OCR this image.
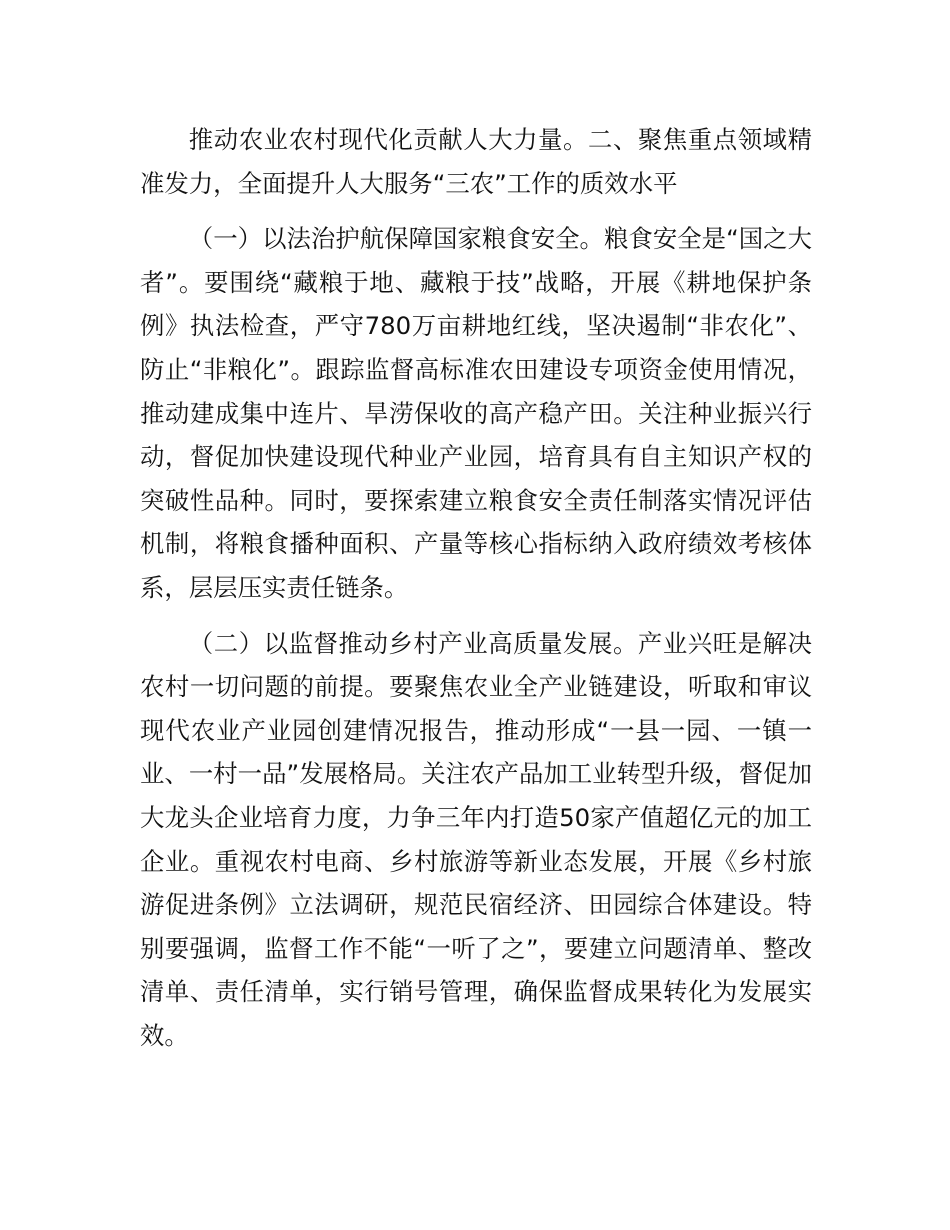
推动农业农村现代化贡献人大力量。二、聚焦重点领域精准发力，全面提升人大服务“三农”工作的质效水平

（一）以法治护航保障国家粮食安全。粮食安全是“国之大者”。要围绕“藏粮于地、藏粮于技”战略，开展《耕地保护条例》执法检查，严守780万亩耕地红线，坚决遏制“非农化”、防止“非粮化”。跟踪监督高标准农田建设专项资金使用情况，推动建成集中连片、旱涝保收的高产稳产田。关注种业振兴行动，督促加快建设现代种业产业园，培育具有自主知识产权的突破性品种。同时，要探索建立粮食安全责任制落实情况评估机制，将粮食播种面积、产量等核心指标纳入政府绩效考核体系，层层压实责任链条。

（二）以监督推动乡村产业高质量发展。产业兴旺是解决农村一切问题的前提。要聚焦农业全产业链建设，听取和审议现代农业产业园创建情况报告，推动形成“一县一园、一镇一业、一村一品”发展格局。关注农产品加工业转型升级，督促加大龙头企业培育力度，力争三年内打造50家产值超亿元的加工企业。重视农村电商、乡村旅游等新业态发展，开展《乡村旅游促进条例》立法调研，规范民宿经济、田园综合体建设。特别要强调，监督工作不能“一听了之”，要建立问题清单、整改清单、责任清单，实行销号管理，确保监督成果转化为发展实效。
